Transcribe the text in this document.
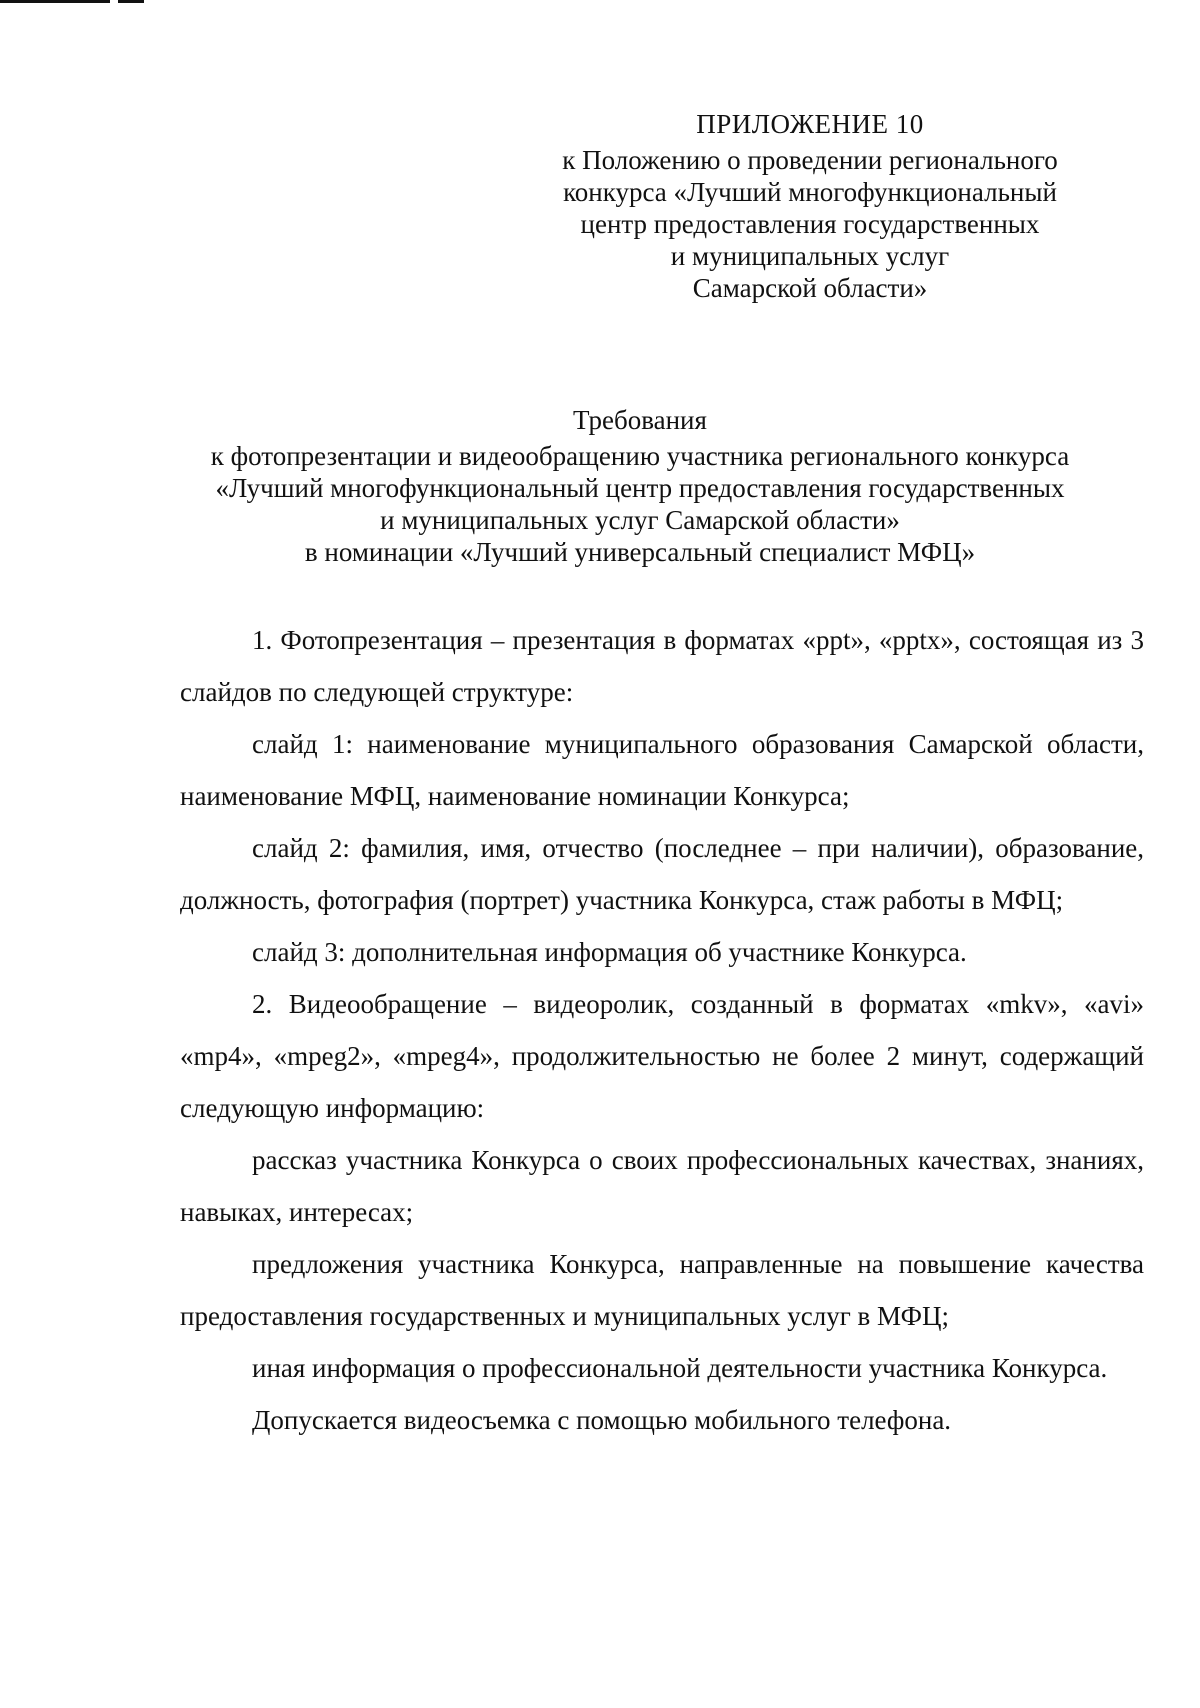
ПРИЛОЖЕНИЕ 10
к Положению о проведении регионального
конкурса «Лучший многофункциональный
центр предоставления государственных
и муниципальных услуг
Самарской области»
Требования
к фотопрезентации и видеообращению участника регионального конкурса
«Лучший многофункциональный центр предоставления государственных
и муниципальных услуг Самарской области»
в номинации «Лучший универсальный специалист МФЦ»

1. Фотопрезентация – презентация в форматах «ppt», «pptx», состоящая из 3 слайдов по следующей структуре:

слайд 1: наименование муниципального образования Самарской области, наименование МФЦ, наименование номинации Конкурса;

слайд 2: фамилия, имя, отчество (последнее – при наличии), образование, должность, фотография (портрет) участника Конкурса, стаж работы в МФЦ;

слайд 3: дополнительная информация об участнике Конкурса.

2. Видеообращение – видеоролик, созданный в форматах «mkv», «avi» «mp4», «mpeg2», «mpeg4», продолжительностью не более 2 минут, содержащий следующую информацию:

рассказ участника Конкурса о своих профессиональных качествах, знаниях, навыках, интересах;

предложения участника Конкурса, направленные на повышение качества предоставления государственных и муниципальных услуг в МФЦ;

иная информация о профессиональной деятельности участника Конкурса.

Допускается видеосъемка с помощью мобильного телефона.
